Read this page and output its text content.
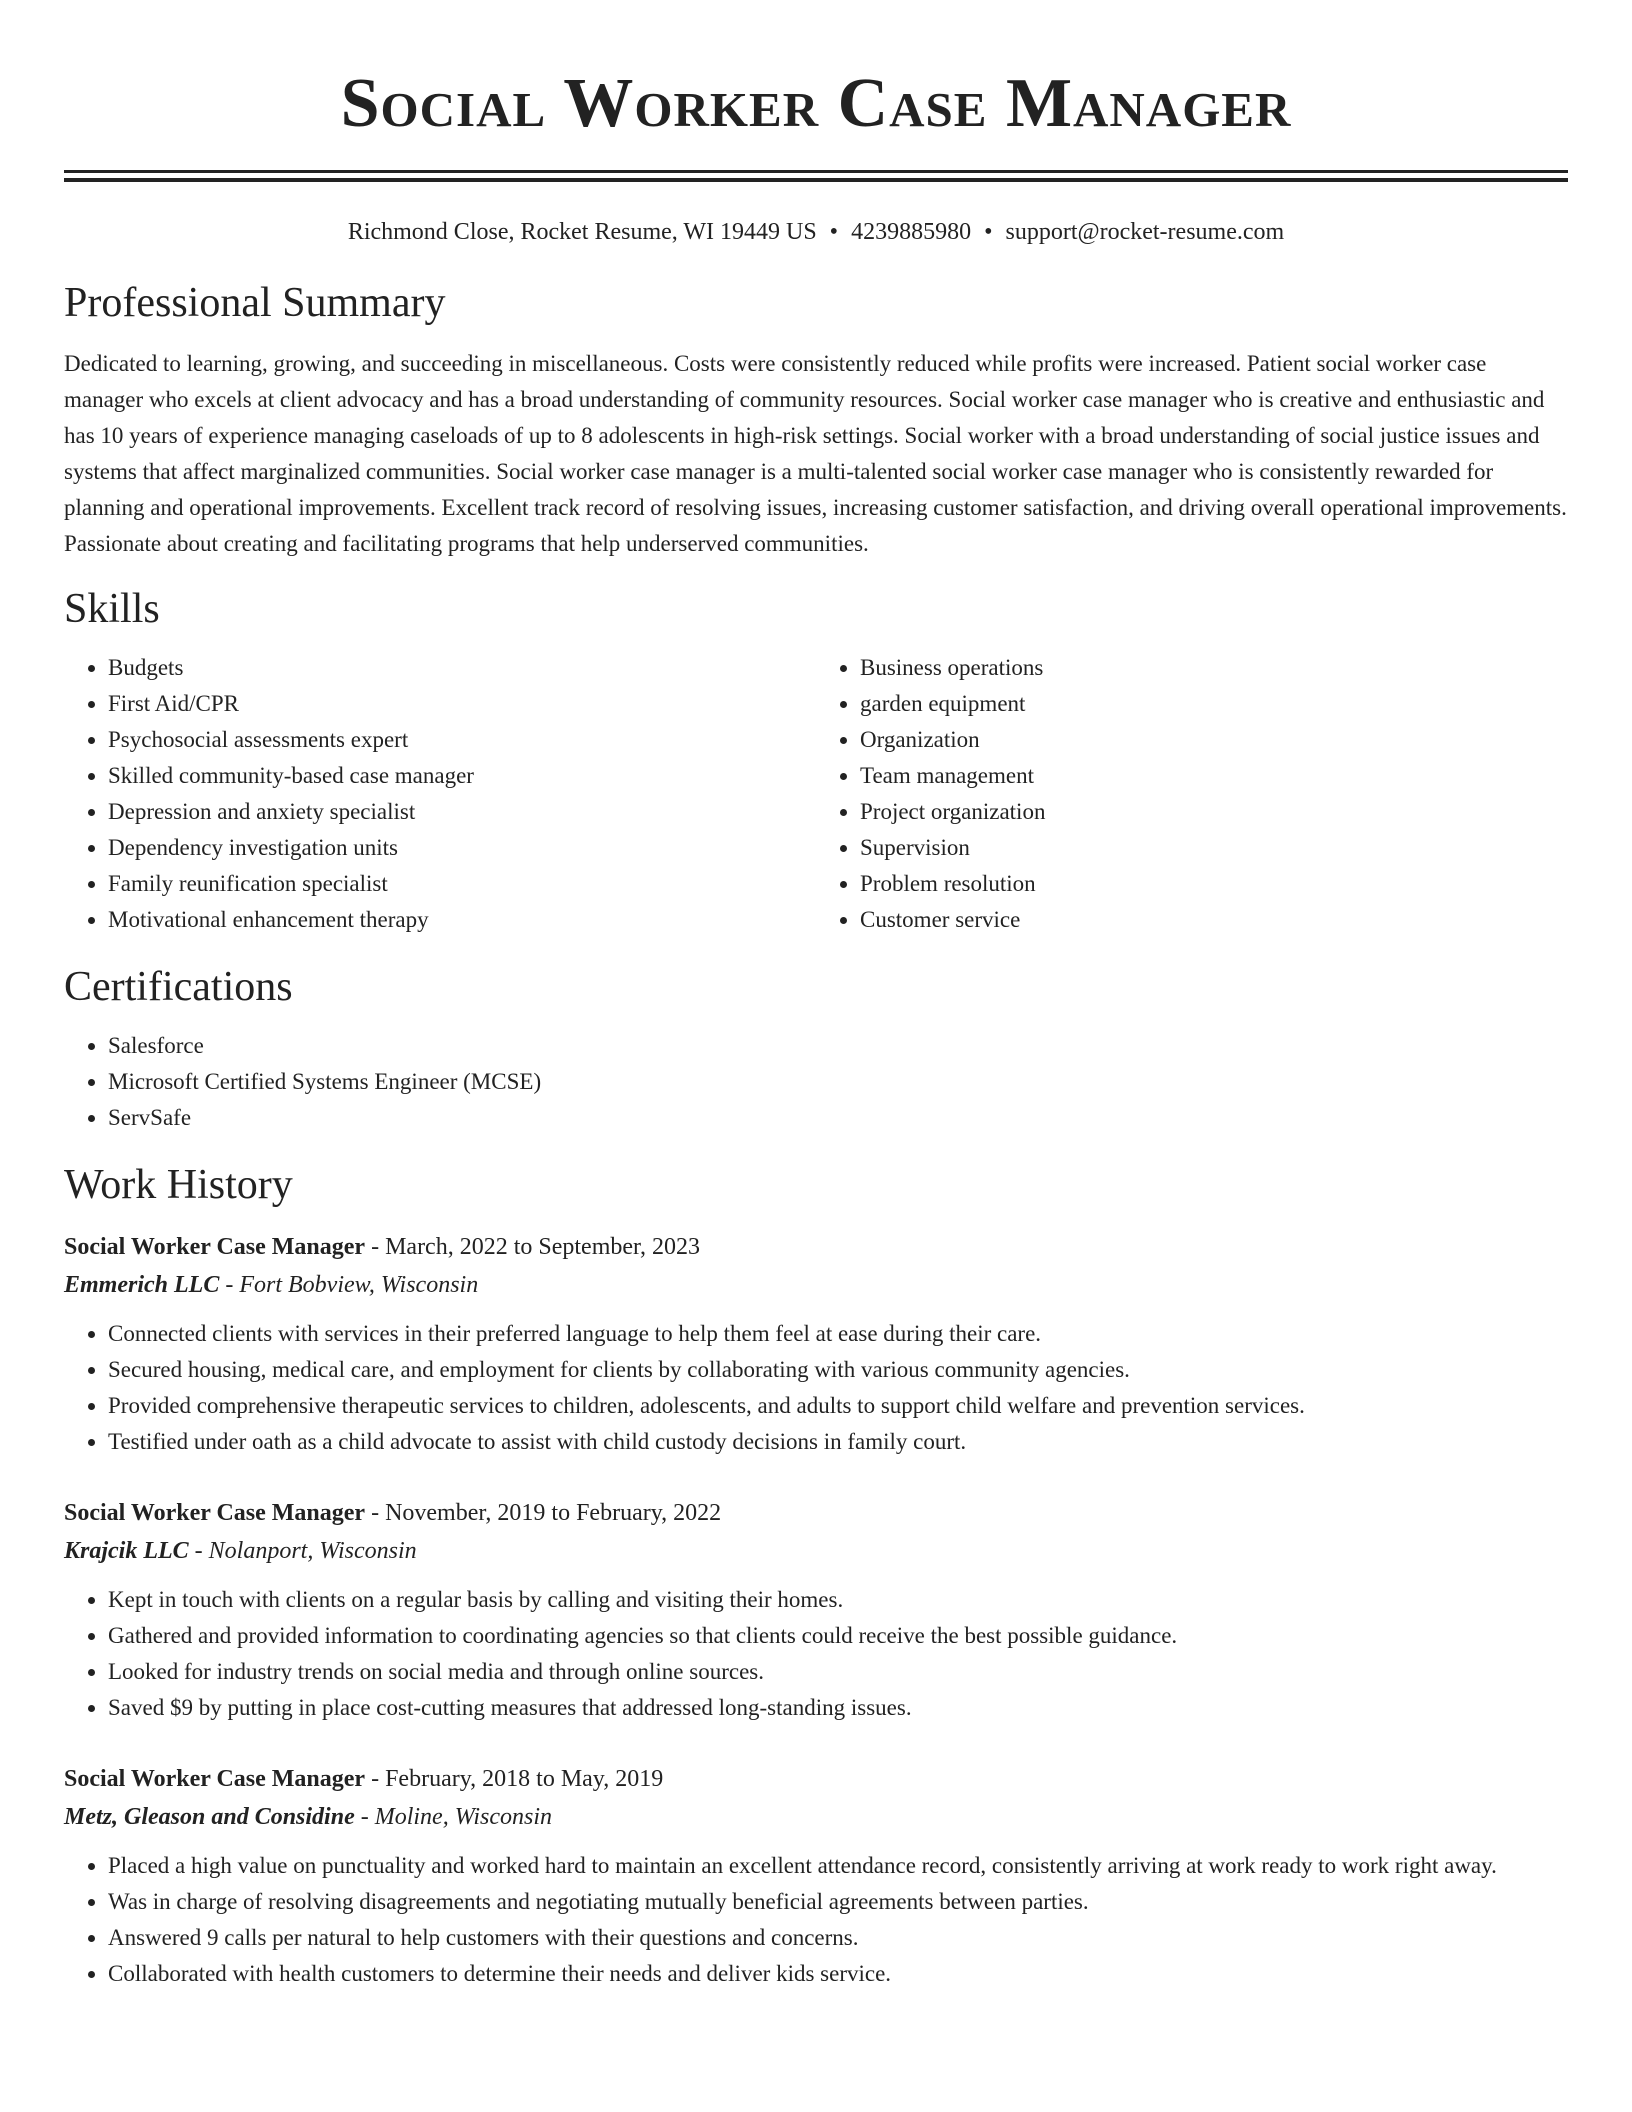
Social Worker Case Manager
Richmond Close, Rocket Resume, WI 19449 US • 4239885980 • support@rocket-resume.com
Professional Summary

Dedicated to learning, growing, and succeeding in miscellaneous. Costs were consistently reduced while profits were increased. Patient social worker case manager who excels at client advocacy and has a broad understanding of community resources. Social worker case manager who is creative and enthusiastic and has 10 years of experience managing caseloads of up to 8 adolescents in high-risk settings. Social worker with a broad understanding of social justice issues and systems that affect marginalized communities. Social worker case manager is a multi-talented social worker case manager who is consistently rewarded for planning and operational improvements. Excellent track record of resolving issues, increasing customer satisfaction, and driving overall operational improvements. Passionate about creating and facilitating programs that help underserved communities.

Skills
• Budgets
• First Aid/CPR
• Psychosocial assessments expert
• Skilled community-based case manager
• Depression and anxiety specialist
• Dependency investigation units
• Family reunification specialist
• Motivational enhancement therapy
• Business operations
• garden equipment
• Organization
• Team management
• Project organization
• Supervision
• Problem resolution
• Customer service
Certifications
• Salesforce
• Microsoft Certified Systems Engineer (MCSE)
• ServSafe
Work History
Social Worker Case Manager - March, 2022 to September, 2023
Emmerich LLC - Fort Bobview, Wisconsin
• Connected clients with services in their preferred language to help them feel at ease during their care.
• Secured housing, medical care, and employment for clients by collaborating with various community agencies.
• Provided comprehensive therapeutic services to children, adolescents, and adults to support child welfare and prevention services.
• Testified under oath as a child advocate to assist with child custody decisions in family court.
Social Worker Case Manager - November, 2019 to February, 2022
Krajcik LLC - Nolanport, Wisconsin
• Kept in touch with clients on a regular basis by calling and visiting their homes.
• Gathered and provided information to coordinating agencies so that clients could receive the best possible guidance.
• Looked for industry trends on social media and through online sources.
• Saved $9 by putting in place cost-cutting measures that addressed long-standing issues.
Social Worker Case Manager - February, 2018 to May, 2019
Metz, Gleason and Considine - Moline, Wisconsin
• Placed a high value on punctuality and worked hard to maintain an excellent attendance record, consistently arriving at work ready to work right away.
• Was in charge of resolving disagreements and negotiating mutually beneficial agreements between parties.
• Answered 9 calls per natural to help customers with their questions and concerns.
• Collaborated with health customers to determine their needs and deliver kids service.
